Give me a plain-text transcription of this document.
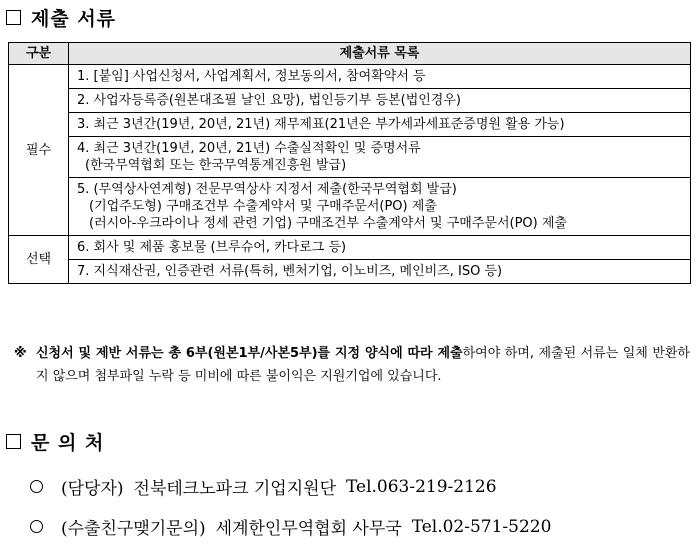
제출 서류
구분	제출서류 목록
필수	1. [붙임] 사업신청서, 사업계획서, 정보동의서, 참여확약서 등

	2. 사업자등록증(원본대조필 날인 요망), 법인등기부 등본(법인경우)

	3. 최근 3년간(19년, 20년, 21년) 재무제표(21년은 부가세과세표준증명원 활용 가능)

	4. 최근 3년간(19년, 20년, 21년) 수출실적확인 및 증명서류
(한국무역협회 또는 한국무역통계진흥원 발급)

	5. (무역상사연계형) 전문무역상사 지정서 제출(한국무역협회 발급)
(기업주도형) 구매조건부 수출계약서 및 구매주문서(PO) 제출
(러시아-우크라이나 정세 관련 기업) 구매조건부 수출계약서 및 구매주문서(PO) 제출

선택	6. 회사 및 제품 홍보물 (브루슈어, 카다로그 등)

	7. 지식재산권, 인증관련 서류(특허, 벤처기업, 이노비즈, 메인비즈, ISO 등)
※ 신청서 및 제반 서류는 총 6부(원본1부/사본5부)를 지정 양식에 따라 제출하여야 하며, 제출된 서류는 일체 반환하지 않으며 첨부파일 누락 등 미비에 따른 불이익은 지원기업에 있습니다.
문 의 처
(담당자) 전북테크노파크 기업지원단 Tel.063-219-2126
(수출친구맺기문의) 세계한인무역협회 사무국 Tel.02-571-5220
